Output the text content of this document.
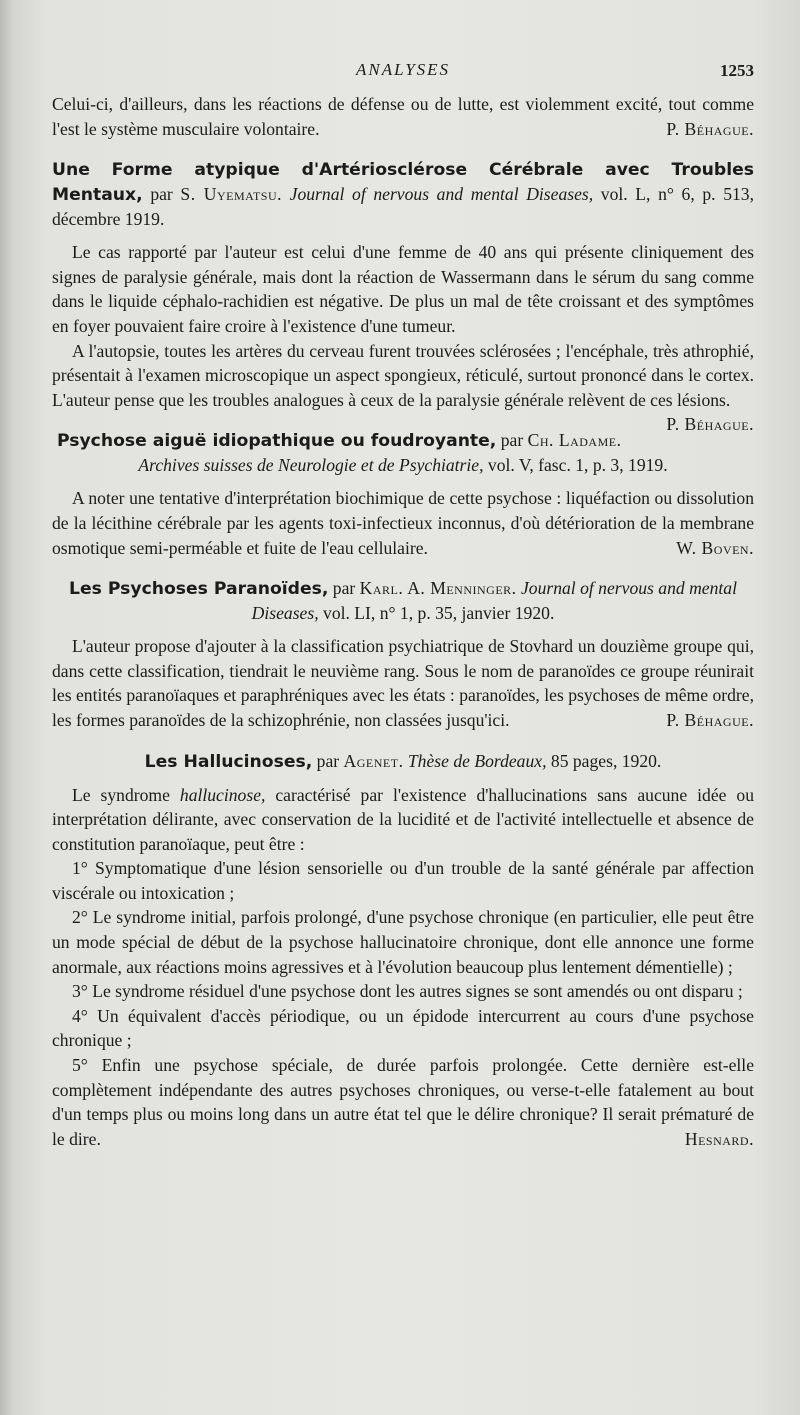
ANALYSES	1253

Celui-ci, d'ailleurs, dans les réactions de défense ou de lutte, est violemment excité, tout comme l'est le système musculaire volontaire.	P. Béhague.

Une Forme atypique d'Artériosclérose Cérébrale avec Troubles Mentaux, par S. Uyematsu. Journal of nervous and mental Diseases, vol. L, n° 6, p. 513, décembre 1919.

Le cas rapporté par l'auteur est celui d'une femme de 40 ans qui présente cliniquement des signes de paralysie générale, mais dont la réaction de Wassermann dans le sérum du sang comme dans le liquide céphalo-rachidien est négative. De plus un mal de tête croissant et des symptômes en foyer pouvaient faire croire à l'existence d'une tumeur.

A l'autopsie, toutes les artères du cerveau furent trouvées sclérosées ; l'encéphale, très athrophié, présentait à l'examen microscopique un aspect spongieux, réticulé, surtout prononcé dans le cortex. L'auteur pense que les troubles analogues à ceux de la paralysie générale relèvent de ces lésions.
P. Béhague.

Psychose aiguë idiopathique ou foudroyante, par Ch. Ladame. Archives suisses de Neurologie et de Psychiatrie, vol. V, fasc. 1, p. 3, 1919.

A noter une tentative d'interprétation biochimique de cette psychose : liquéfaction ou dissolution de la lécithine cérébrale par les agents toxi-infectieux inconnus, d'où détérioration de la membrane osmotique semi-perméable et fuite de l'eau cellulaire.	W. Boven.

Les Psychoses Paranoïdes, par Karl. A. Menninger. Journal of nervous and mental Diseases, vol. LI, n° 1, p. 35, janvier 1920.

L'auteur propose d'ajouter à la classification psychiatrique de Stovhard un douzième groupe qui, dans cette classification, tiendrait le neuvième rang. Sous le nom de paranoïdes ce groupe réunirait les entités paranoïaques et paraphréniques avec les états : paranoïdes, les psychoses de même ordre, les formes paranoïdes de la schizophrénie, non classées jusqu'ici.	P. Béhague.

Les Hallucinoses, par Agenet. Thèse de Bordeaux, 85 pages, 1920.

Le syndrome hallucinose, caractérisé par l'existence d'hallucinations sans aucune idée ou interprétation délirante, avec conservation de la lucidité et de l'activité intellectuelle et absence de constitution paranoïaque, peut être :

1° Symptomatique d'une lésion sensorielle ou d'un trouble de la santé générale par affection viscérale ou intoxication ;

2° Le syndrome initial, parfois prolongé, d'une psychose chronique (en particulier, elle peut être un mode spécial de début de la psychose hallucinatoire chronique, dont elle annonce une forme anormale, aux réactions moins agressives et à l'évolution beaucoup plus lentement démentielle) ;

3° Le syndrome résiduel d'une psychose dont les autres signes se sont amendés ou ont disparu ;

4° Un équivalent d'accès périodique, ou un épidode intercurrent au cours d'une psychose chronique ;

5° Enfin une psychose spéciale, de durée parfois prolongée. Cette dernière est-elle complètement indépendante des autres psychoses chroniques, ou verse-t-elle fatalement au bout d'un temps plus ou moins long dans un autre état tel que le délire chronique? Il serait prématuré de le dire.	Hesnard.
